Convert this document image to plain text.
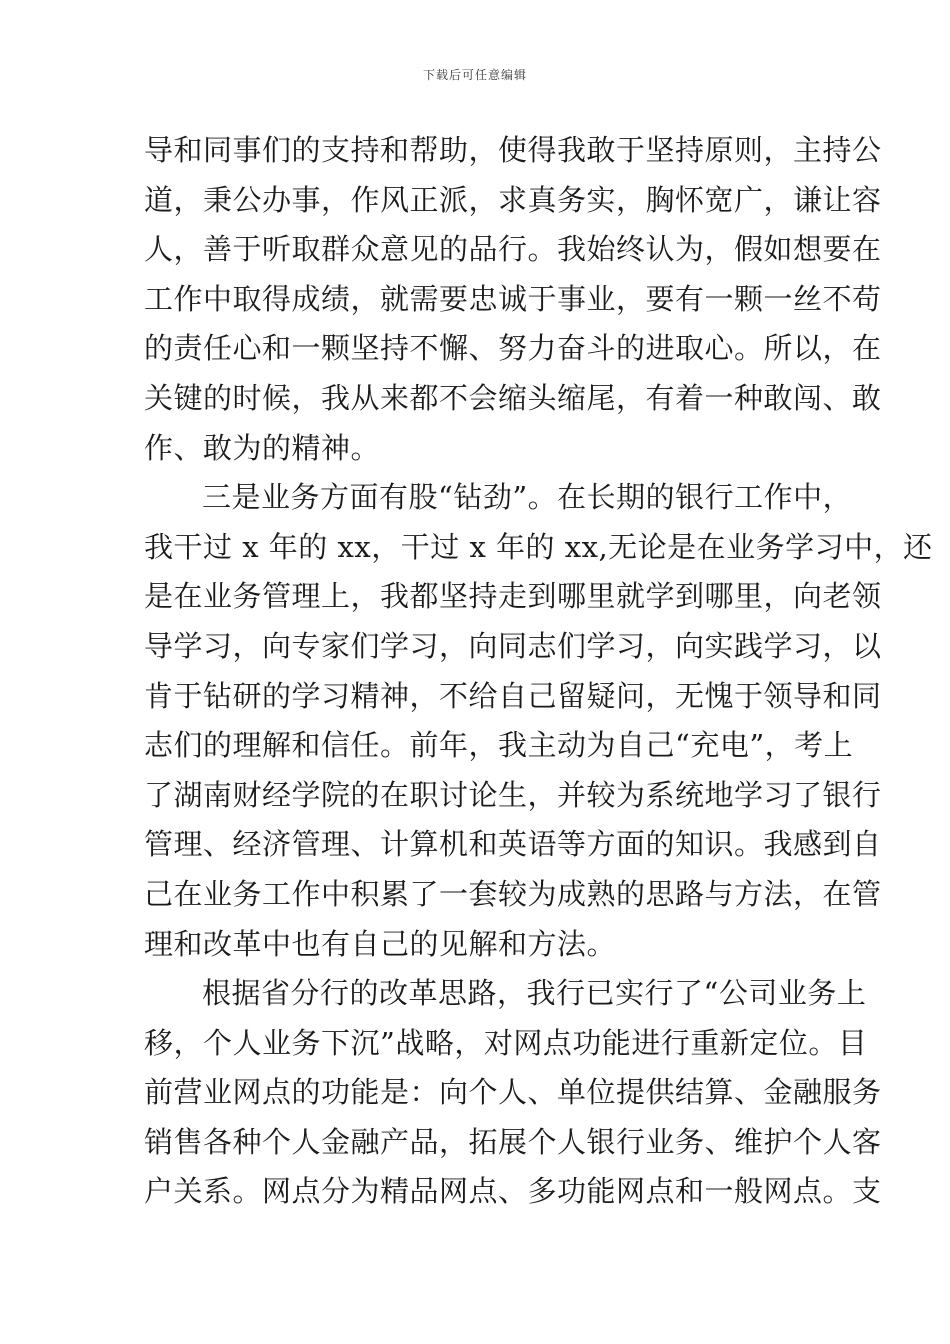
下载后可任意编辑
导和同事们的支持和帮助，使得我敢于坚持原则，主持公
道，秉公办事，作风正派，求真务实，胸怀宽广，谦让容
人，善于听取群众意见的品行。我始终认为，假如想要在
工作中取得成绩，就需要忠诚于事业，要有一颗一丝不苟
的责任心和一颗坚持不懈、努力奋斗的进取心。所以，在
关键的时候，我从来都不会缩头缩尾，有着一种敢闯、敢
作、敢为的精神。
三是业务方面有股“钻劲”。在长期的银行工作中，
我干过 x 年的 xx，干过 x 年的 xx,无论是在业务学习中，还
是在业务管理上，我都坚持走到哪里就学到哪里，向老领
导学习，向专家们学习，向同志们学习，向实践学习，以
肯于钻研的学习精神，不给自己留疑问，无愧于领导和同
志们的理解和信任。前年，我主动为自己“充电”，考上
了湖南财经学院的在职讨论生，并较为系统地学习了银行
管理、经济管理、计算机和英语等方面的知识。我感到自
己在业务工作中积累了一套较为成熟的思路与方法，在管
理和改革中也有自己的见解和方法。
根据省分行的改革思路，我行已实行了“公司业务上
移，个人业务下沉”战略，对网点功能进行重新定位。目
前营业网点的功能是：向个人、单位提供结算、金融服务
销售各种个人金融产品，拓展个人银行业务、维护个人客
户关系。网点分为精品网点、多功能网点和一般网点。支
